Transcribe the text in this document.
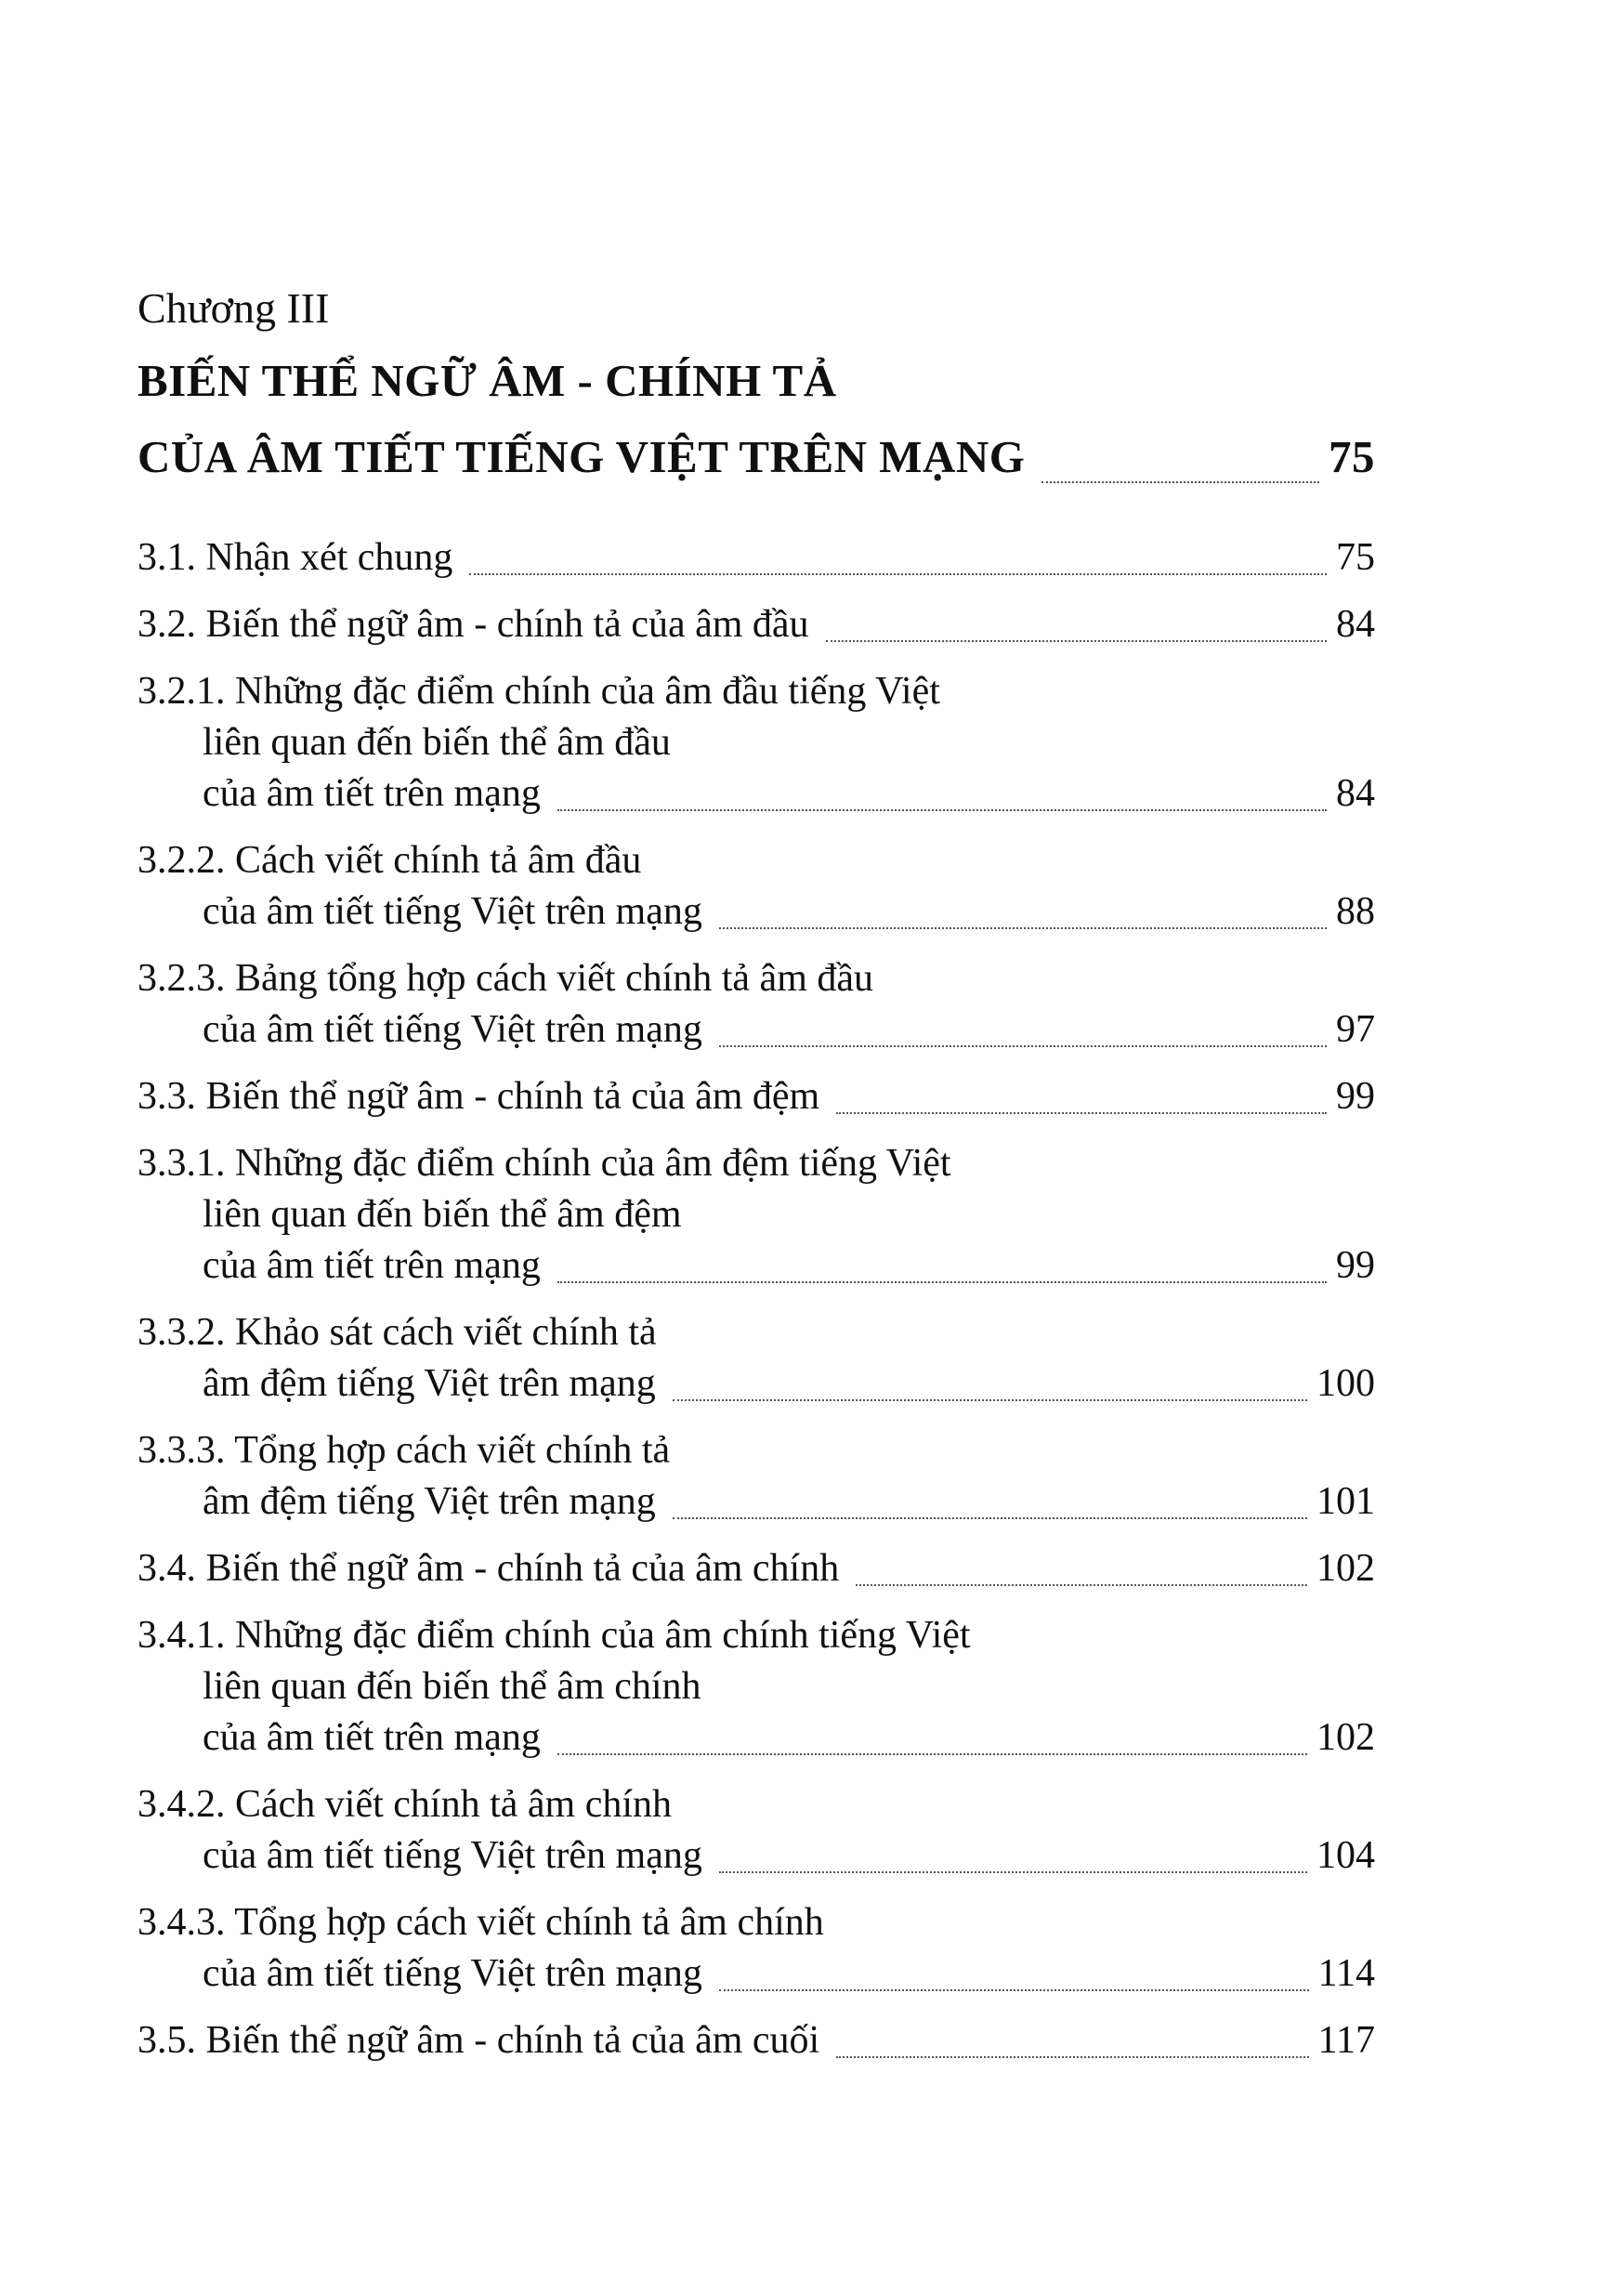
Chương III
BIẾN THỂ NGỮ ÂM - CHÍNH TẢ
CỦA ÂM TIẾT TIẾNG VIỆT TRÊN MẠNG	75
3.1. Nhận xét chung	75
3.2. Biến thể ngữ âm - chính tả của âm đầu	84
3.2.1. Những đặc điểm chính của âm đầu tiếng Việt
liên quan đến biến thể âm đầu
của âm tiết trên mạng	84
3.2.2. Cách viết chính tả âm đầu
của âm tiết tiếng Việt trên mạng	88
3.2.3. Bảng tổng hợp cách viết chính tả âm đầu
của âm tiết tiếng Việt trên mạng	97
3.3. Biến thể ngữ âm - chính tả của âm đệm	99
3.3.1. Những đặc điểm chính của âm đệm tiếng Việt
liên quan đến biến thể âm đệm
của âm tiết trên mạng	99
3.3.2. Khảo sát cách viết chính tả
âm đệm tiếng Việt trên mạng	100
3.3.3. Tổng hợp cách viết chính tả
âm đệm tiếng Việt trên mạng	101
3.4. Biến thể ngữ âm - chính tả của âm chính	102
3.4.1. Những đặc điểm chính của âm chính tiếng Việt
liên quan đến biến thể âm chính
của âm tiết trên mạng	102
3.4.2. Cách viết chính tả âm chính
của âm tiết tiếng Việt trên mạng	104
3.4.3. Tổng hợp cách viết chính tả âm chính
của âm tiết tiếng Việt trên mạng	114
3.5. Biến thể ngữ âm - chính tả của âm cuối	117
